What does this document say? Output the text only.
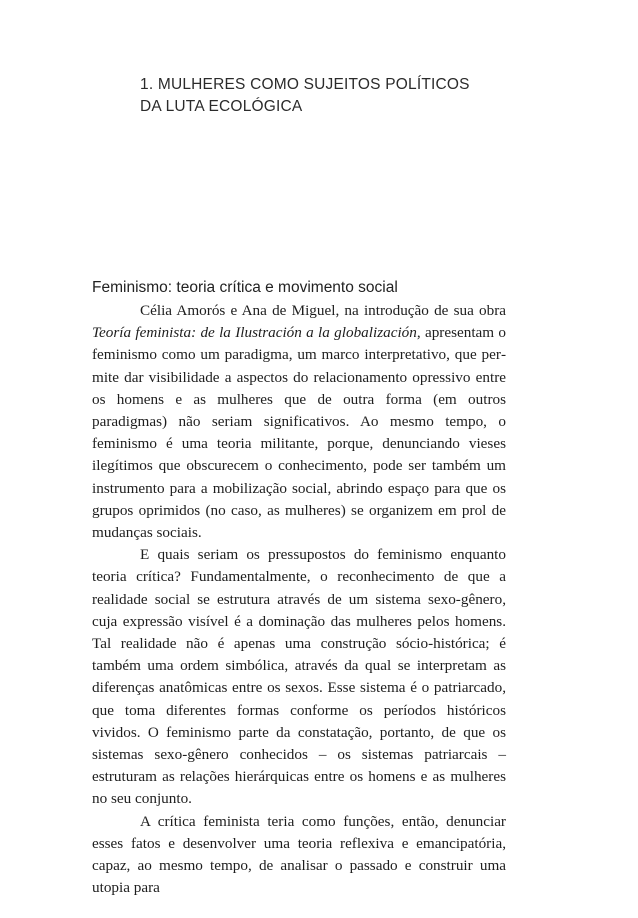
1. MULHERES COMO SUJEITOS POLÍTICOS
DA LUTA ECOLÓGICA
Feminismo: teoria crítica e movimento social

Célia Amorós e Ana de Miguel, na introdução de sua obra Teoría feminista: de la Ilustración a la globalización, apresentam o feminismo como um paradigma, um marco interpretativo, que permite dar visibilidade a aspectos do relacionamento opressivo entre os homens e as mulheres que de outra forma (em outros paradigmas) não seriam significativos. Ao mesmo tempo, o feminismo é uma teoria militante, porque, denunciando vieses ilegítimos que obscurecem o conhecimento, pode ser também um instrumento para a mobilização social, abrindo espaço para que os grupos oprimidos (no caso, as mulheres) se organizem em prol de mudanças sociais.

E quais seriam os pressupostos do feminismo enquanto teoria crítica? Fundamentalmente, o reconhecimento de que a realidade social se estrutura através de um sistema sexo-gênero, cuja expressão visível é a dominação das mulheres pelos homens. Tal realidade não é apenas uma construção sócio-histórica; é também uma ordem simbólica, através da qual se interpretam as diferenças anatômicas entre os sexos. Esse sistema é o patriarcado, que toma diferentes formas conforme os períodos históricos vividos. O feminismo parte da constatação, portanto, de que os sistemas sexo-gênero conhecidos – os sistemas patriarcais – estruturam as relações hierárquicas entre os homens e as mulheres no seu conjunto.

A crítica feminista teria como funções, então, denunciar esses fatos e desenvolver uma teoria reflexiva e emancipatória, capaz, ao mesmo tempo, de analisar o passado e construir uma utopia para
